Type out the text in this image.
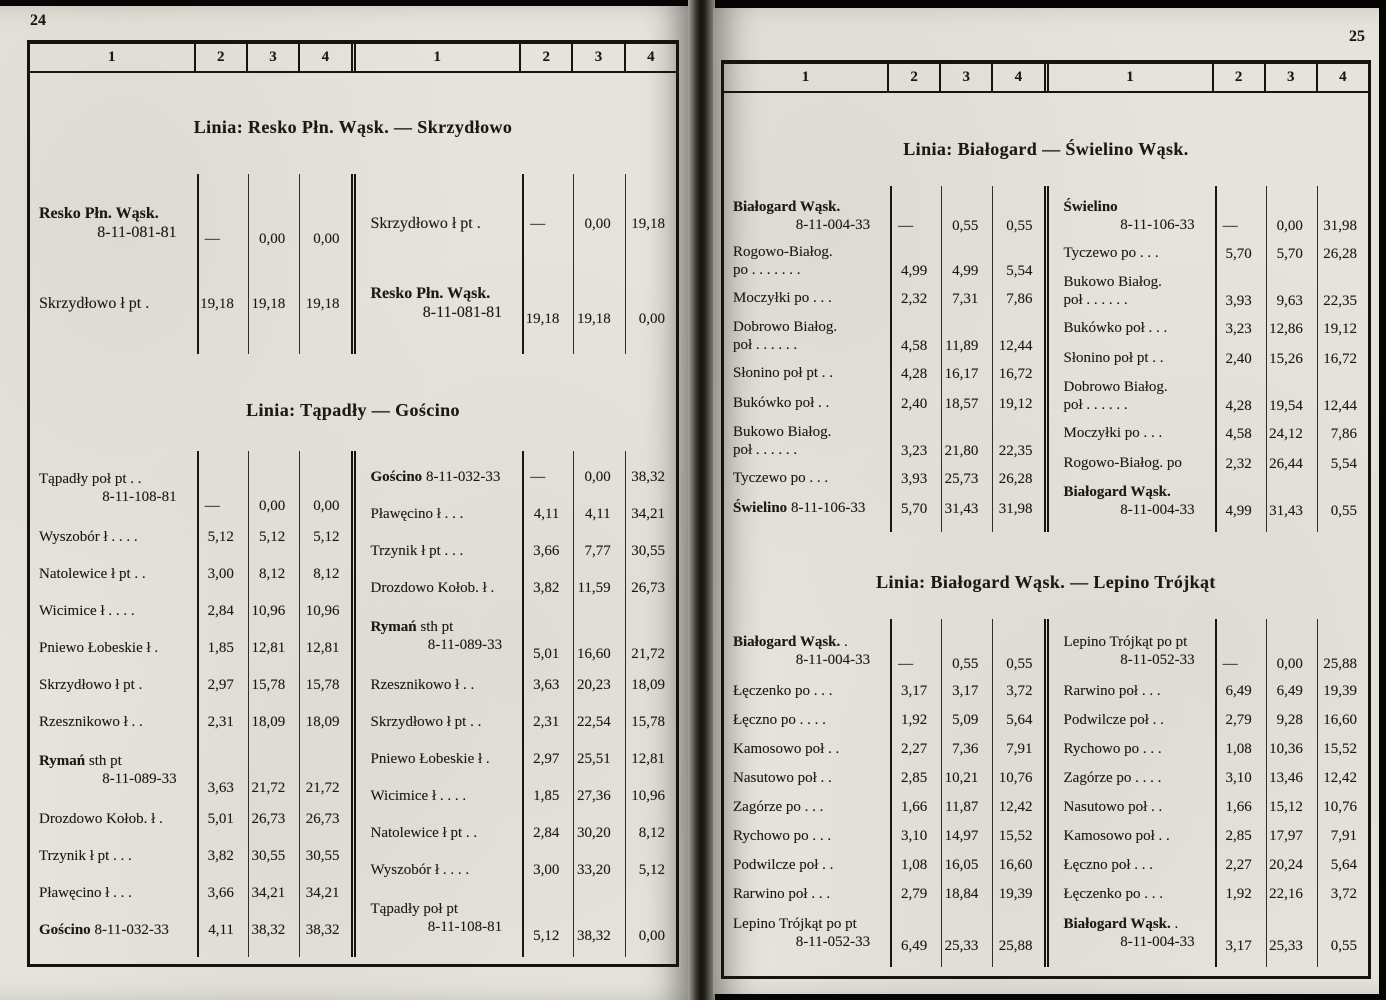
24
1	2	3	4	1	2	3	4
Linia: Resko Płn. Wąsk. — Skrzydłowo
Resko Płn. Wąsk.
8-11-081-81	—	0,00	0,00
Skrzydłowo ł pt .	19,18	19,18	19,18
Skrzydłowo ł pt .	—	0,00	19,18
Resko Płn. Wąsk.
8-11-081-81	19,18	19,18	0,00
Linia: Tąpadły — Gościno
Tąpadły poł pt . .
8-11-108-81
—	0,00	0,00
Wyszobór ł . . . .	5,12	5,12	5,12
Natolewice ł pt . .	3,00	8,12	8,12
Wicimice ł . . . .	2,84	10,96	10,96
Pniewo Łobeskie ł .	1,85	12,81	12,81
Skrzydłowo ł pt .	2,97	15,78	15,78
Rzesznikowo ł . .	2,31	18,09	18,09
Rymań sth pt
8-11-089-33
3,63	21,72	21,72
Drozdowo Kołob. ł .	5,01	26,73	26,73
Trzynik ł pt . . .	3,82	30,55	30,55
Pławęcino ł . . .	3,66	34,21	34,21
Gościno 8-11-032-33	4,11	38,32	38,32
Gościno 8-11-032-33	—	0,00	38,32
Pławęcino ł . . .	4,11	4,11	34,21
Trzynik ł pt . . .	3,66	7,77	30,55
Drozdowo Kołob. ł .	3,82	11,59	26,73
Rymań sth pt
8-11-089-33
5,01	16,60	21,72
Rzesznikowo ł . .	3,63	20,23	18,09
Skrzydłowo ł pt . .	2,31	22,54	15,78
Pniewo Łobeskie ł .	2,97	25,51	12,81
Wicimice ł . . . .	1,85	27,36	10,96
Natolewice ł pt . .	2,84	30,20	8,12
Wyszobór ł . . . .	3,00	33,20	5,12
Tąpadły poł pt
8-11-108-81
5,12	38,32	0,00
25
1	2	3	4	1	2	3	4
Linia: Białogard — Świelino Wąsk.
Białogard Wąsk.
8-11-004-33	—	0,55	0,55
Rogowo-Białog.
po . . . . . . .	4,99	4,99	5,54
Moczyłki po . . .	2,32	7,31	7,86
Dobrowo Białog.
poł . . . . . .	4,58	11,89	12,44
Słonino poł pt . .	4,28	16,17	16,72
Bukówko poł . .	2,40	18,57	19,12
Bukowo Białog.
poł . . . . . .	3,23	21,80	22,35
Tyczewo po . . .	3,93	25,73	26,28
Świelino 8-11-106-33	5,70	31,43	31,98
Świelino
8-11-106-33	—	0,00	31,98
Tyczewo po . . .	5,70	5,70	26,28
Bukowo Białog.
poł . . . . . .	3,93	9,63	22,35
Bukówko poł . . .	3,23	12,86	19,12
Słonino poł pt . .	2,40	15,26	16,72
Dobrowo Białog.
poł . . . . . .	4,28	19,54	12,44
Moczyłki po . . .	4,58	24,12	7,86
Rogowo-Białog. po	2,32	26,44	5,54
Białogard Wąsk.
8-11-004-33	4,99	31,43	0,55
Linia: Białogard Wąsk. — Lepino Trójkąt
Białogard Wąsk. .
8-11-004-33	—	0,55	0,55
Łęczenko po . . .	3,17	3,17	3,72
Łęczno po . . . .	1,92	5,09	5,64
Kamosowo poł . .	2,27	7,36	7,91
Nasutowo poł . .	2,85	10,21	10,76
Zagórze po . . .	1,66	11,87	12,42
Rychowo po . . .	3,10	14,97	15,52
Podwilcze poł . .	1,08	16,05	16,60
Rarwino poł . . .	2,79	18,84	19,39
Lepino Trójkąt po pt
8-11-052-33	6,49	25,33	25,88
Lepino Trójkąt po pt
8-11-052-33	—	0,00	25,88
Rarwino poł . . .	6,49	6,49	19,39
Podwilcze poł . .	2,79	9,28	16,60
Rychowo po . . .	1,08	10,36	15,52
Zagórze po . . . .	3,10	13,46	12,42
Nasutowo poł . .	1,66	15,12	10,76
Kamosowo poł . .	2,85	17,97	7,91
Łęczno poł . . .	2,27	20,24	5,64
Łęczenko po . . .	1,92	22,16	3,72
Białogard Wąsk. .
8-11-004-33	3,17	25,33	0,55
